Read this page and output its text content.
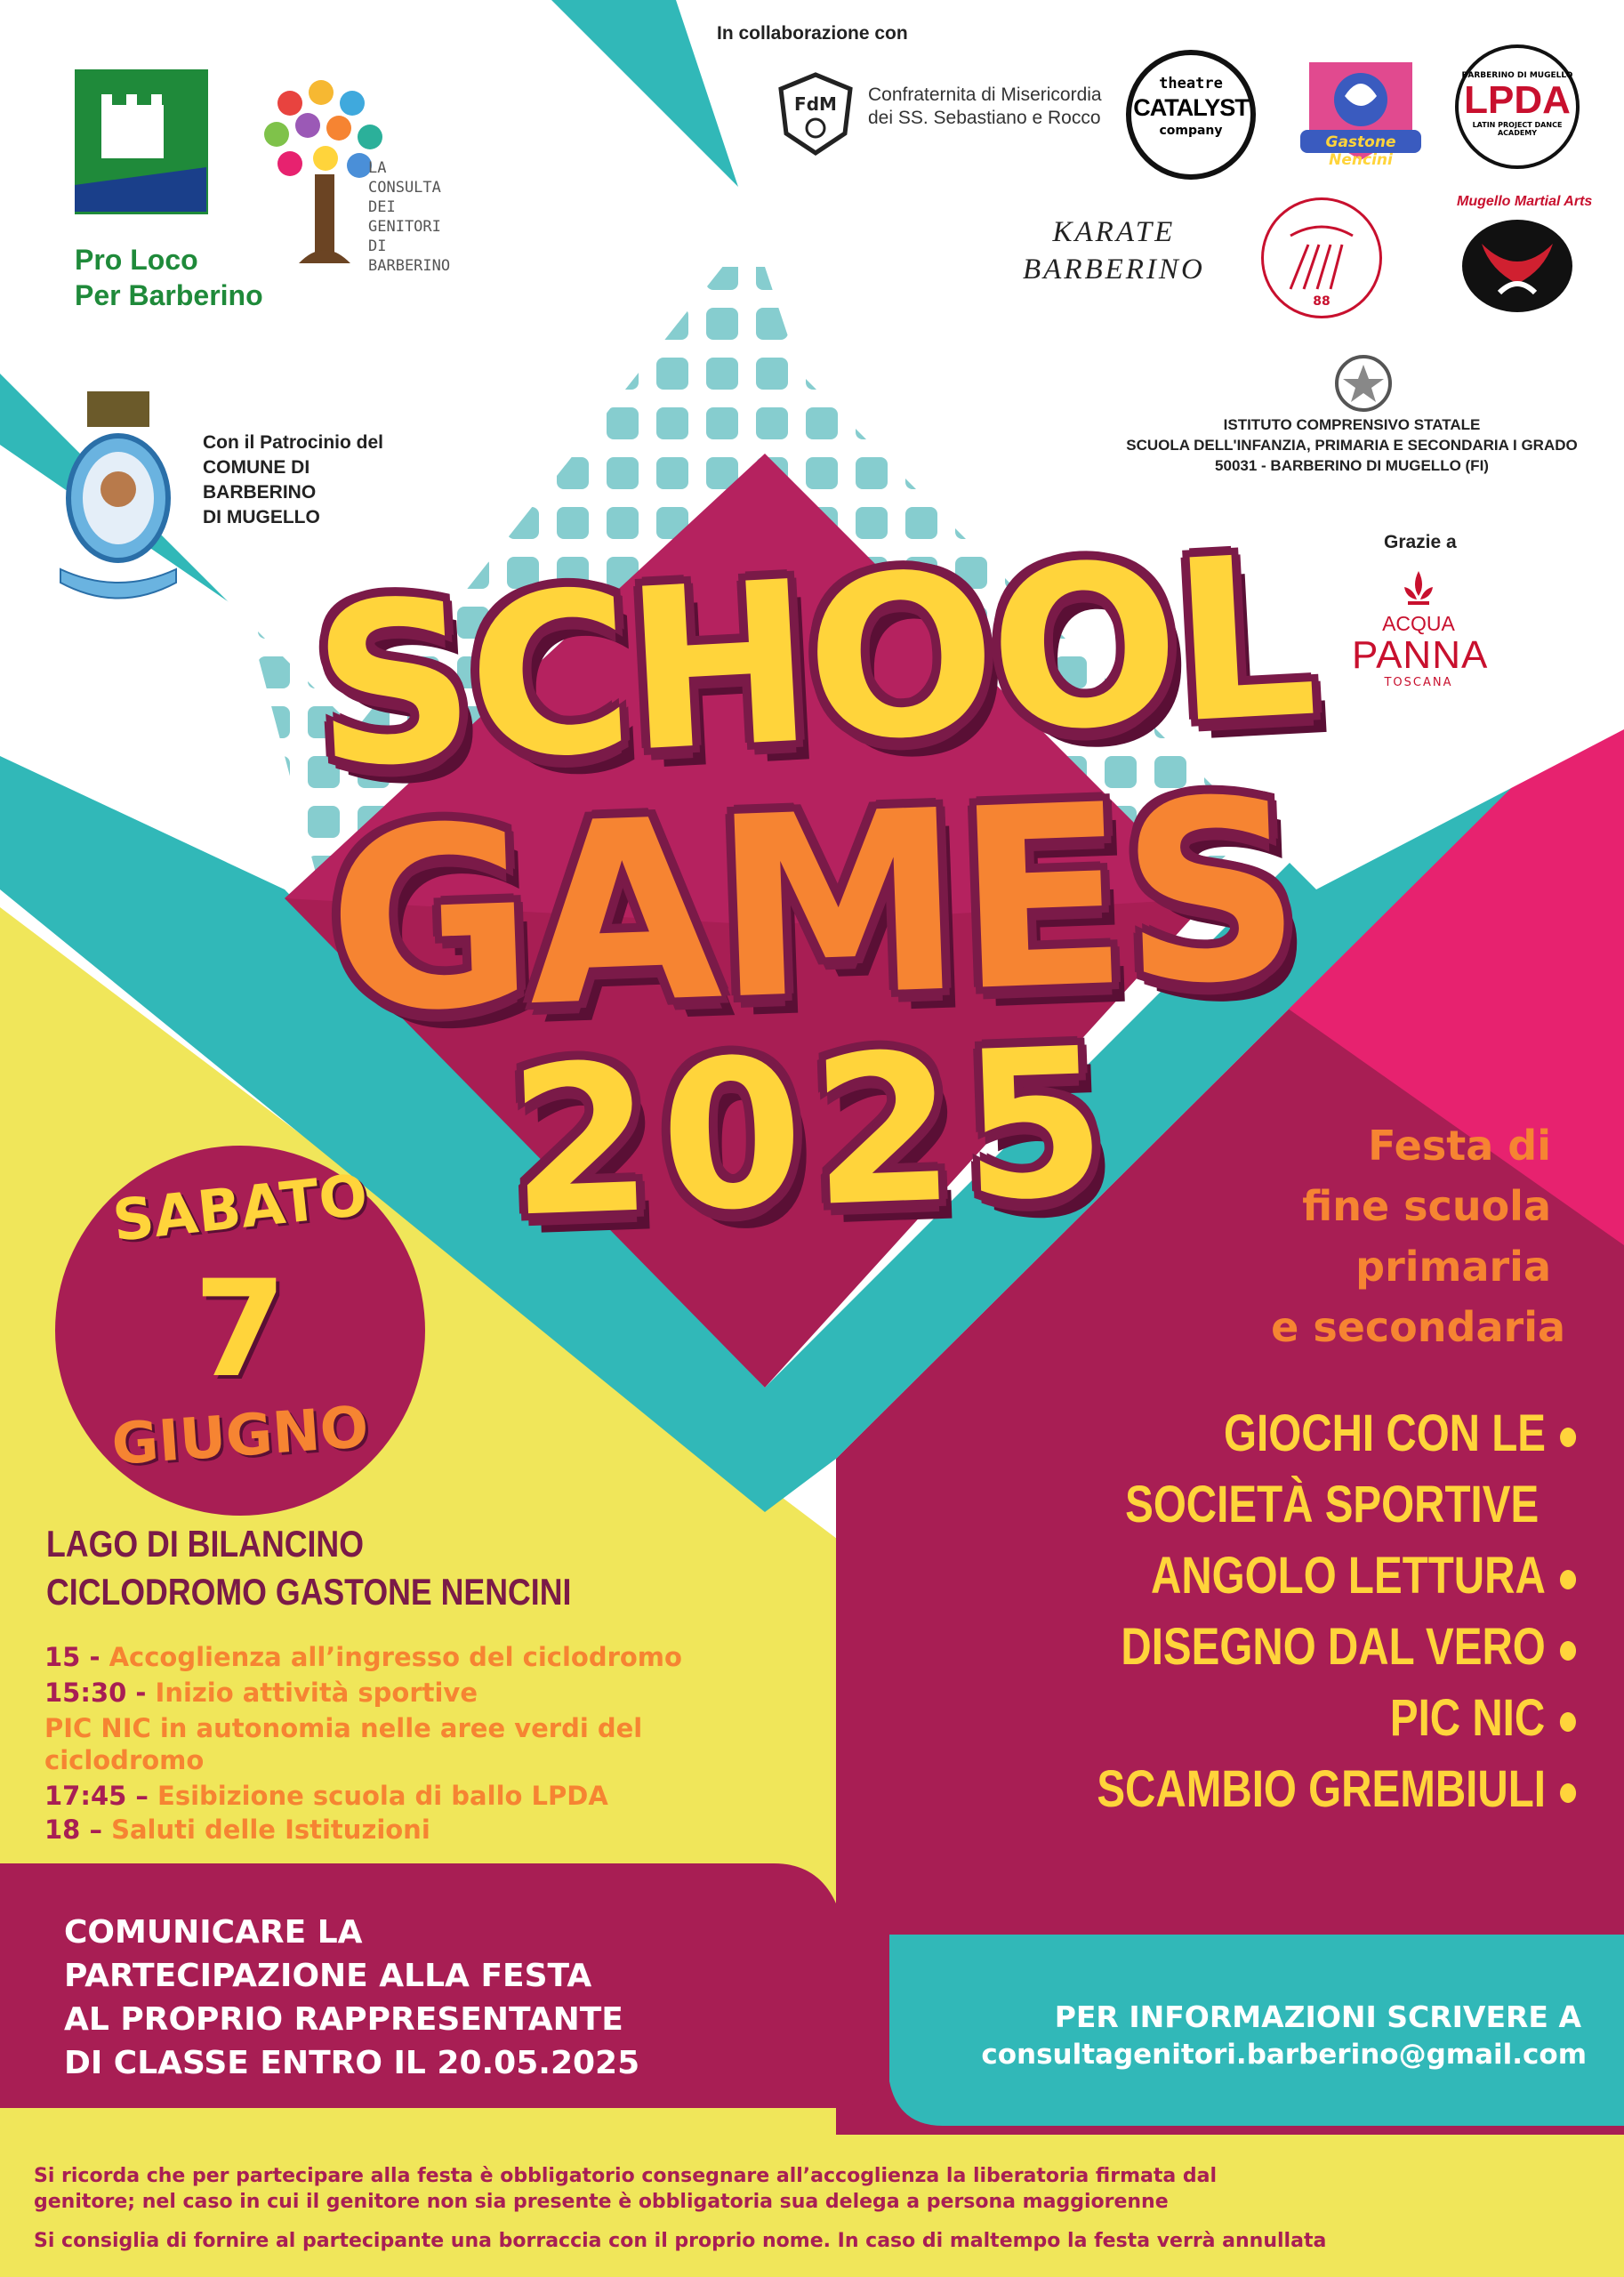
Pro Loco
Per Barberino
LA
CONSULTA
DEI
GENITORI
DI
BARBERINO
In collaborazione con
FdM Confraternita di Misericordia
dei SS. Sebastiano e Rocco
theatre
CATALYST
company
Gastone Nencini
BARBERINO DI MUGELLO
LPDA
LATIN PROJECT DANCE ACADEMY
KARATE
BARBERINO
88
Mugello Martial Arts
Con il Patrocinio del
COMUNE DI
BARBERINO
DI MUGELLO
ISTITUTO COMPRENSIVO STATALE
SCUOLA DELL'INFANZIA, PRIMARIA E SECONDARIA I GRADO
50031 - BARBERINO DI MUGELLO (FI)
Grazie a
ACQUA
PANNA
TOSCANA
SCHOOL
GAMES
2025
SABATO
7
GIUGNO
Festa di
fine scuola
primaria
e secondaria
LAGO DI BILANCINO
CICLODROMO GASTONE NENCINI
15 - Accoglienza all’ingresso del ciclodromo
15:30 - Inizio attività sportive
PIC NIC in autonomia nelle aree verdi del
ciclodromo
17:45 – Esibizione scuola di ballo LPDA
18 – Saluti delle Istituzioni
GIOCHI CON LE
SOCIETÀ SPORTIVE
ANGOLO LETTURA
DISEGNO DAL VERO
PIC NIC
SCAMBIO GREMBIULI
COMUNICARE LA
PARTECIPAZIONE ALLA FESTA
AL PROPRIO RAPPRESENTANTE
DI CLASSE ENTRO IL 20.05.2025
PER INFORMAZIONI SCRIVERE A
consultagenitori.barberino@gmail.com
Si ricorda che per partecipare alla festa è obbligatorio consegnare all’accoglienza la liberatoria firmata dal
genitore; nel caso in cui il genitore non sia presente è obbligatoria sua delega a persona maggiorenne
Si consiglia di fornire al partecipante una borraccia con il proprio nome. In caso di maltempo la festa verrà annullata
